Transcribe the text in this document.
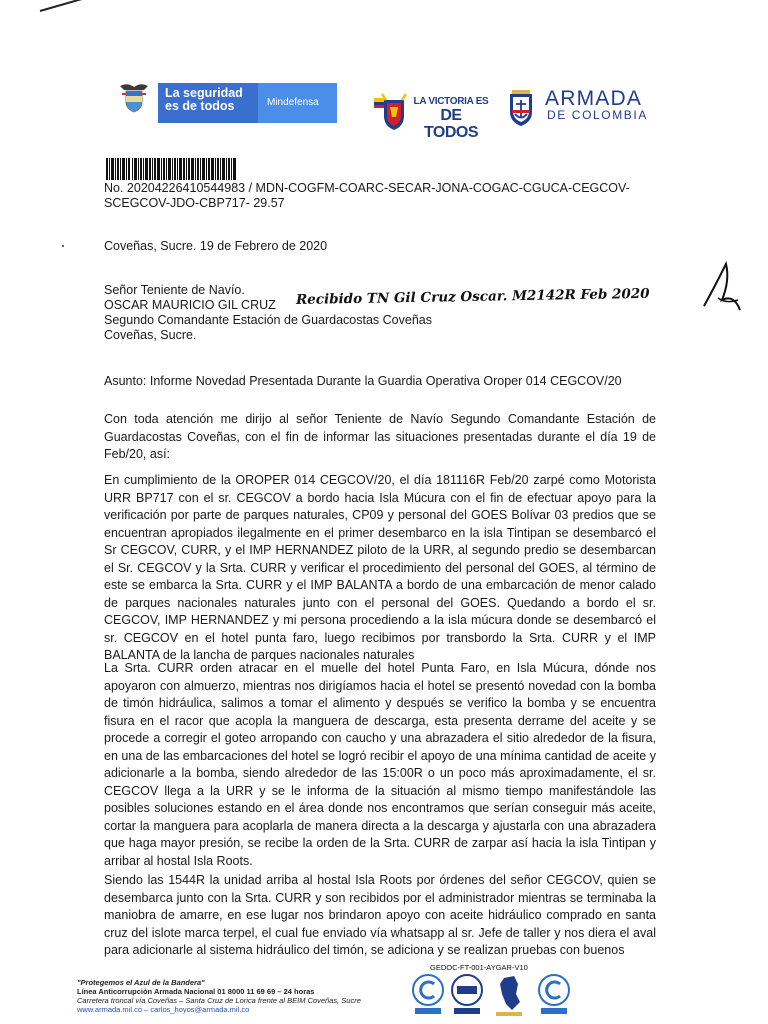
La seguridad
es de todos	Mindefensa	LA VICTORIA ES
DE TODOS
ARMADA
DE COLOMBIA
No. 20204226410544983 / MDN-COGFM-COARC-SECAR-JONA-COGAC-CGUCA-CEGCOV-
SCEGCOV-JDO-CBP717- 29.57
Coveñas, Sucre. 19 de Febrero de 2020
Señor Teniente de Navío.
OSCAR MAURICIO GIL CRUZ
Segundo Comandante Estación de Guardacostas Coveñas
Coveñas, Sucre.
Recibido TN Gil Cruz Oscar. M2142R Feb 2020
Asunto: Informe Novedad Presentada Durante la Guardia Operativa Oroper 014 CEGCOV/20
Con toda atención me dirijo al señor Teniente de Navío Segundo Comandante Estación de Guardacostas Coveñas, con el fin de informar las situaciones presentadas durante el día 19 de Feb/20, así:
En cumplimiento de la OROPER 014 CEGCOV/20, el día 181116R Feb/20 zarpé como Motorista URR BP717 con el sr. CEGCOV a bordo hacia Isla Múcura con el fin de efectuar apoyo para la verificación por parte de parques naturales, CP09 y personal del GOES Bolívar 03 predios que se encuentran apropiados ilegalmente en el primer desembarco en la isla Tintipan se desembarcó el Sr CEGCOV, CURR, y el IMP HERNANDEZ piloto de la URR, al segundo predio se desembarcan el Sr. CEGCOV y la Srta. CURR y verificar el procedimiento del personal del GOES, al término de este se embarca la Srta. CURR y el IMP BALANTA a bordo de una embarcación de menor calado de parques nacionales naturales junto con el personal del GOES. Quedando a bordo el sr. CEGCOV, IMP HERNANDEZ y mi persona procediendo a la isla múcura donde se desembarcó el sr. CEGCOV en el hotel punta faro, luego recibimos por transbordo la Srta. CURR y el IMP BALANTA de la lancha de parques nacionales naturales
La Srta. CURR orden atracar en el muelle del hotel Punta Faro, en Isla Múcura, dónde nos apoyaron con almuerzo, mientras nos dirigíamos hacia el hotel se presentó novedad con la bomba de timón hidráulica, salimos a tomar el alimento y después se verifico la bomba y se encuentra fisura en el racor que acopla la manguera de descarga, esta presenta derrame del aceite y se procede a corregir el goteo arropando con caucho y una abrazadera el sitio alrededor de la fisura, en una de las embarcaciones del hotel se logró recibir el apoyo de una mínima cantidad de aceite y adicionarle a la bomba, siendo alrededor de las 15:00R o un poco más aproximadamente, el sr. CEGCOV llega a la URR y se le informa de la situación al mismo tiempo manifestándole las posibles soluciones estando en el área donde nos encontramos que serían conseguir más aceite, cortar la manguera para acoplarla de manera directa a la descarga y ajustarla con una abrazadera que haga mayor presión, se recibe la orden de la Srta. CURR de zarpar así hacia la isla Tintipan y arribar al hostal Isla Roots.
Siendo las 1544R la unidad arriba al hostal Isla Roots por órdenes del señor CEGCOV, quien se desembarca junto con la Srta. CURR y son recibidos por el administrador mientras se terminaba la maniobra de amarre, en ese lugar nos brindaron apoyo con aceite hidráulico comprado en santa cruz del islote marca terpel, el cual fue enviado vía whatsapp al sr. Jefe de taller y nos diera el aval para adicionarle al sistema hidráulico del timón, se adiciona y se realizan pruebas con buenos
"Protegemos el Azul de la Bandera"
Línea Anticorrupción Armada Nacional 01 8000 11 69 69 – 24 horas
Carretera troncal vía Coveñas – Santa Cruz de Lorica frente al BEIM Coveñas, Sucre
www.armada.mil.co – carlos_hoyos@armada.mil.co
GEDOC-FT-001-AYGAR-V10
